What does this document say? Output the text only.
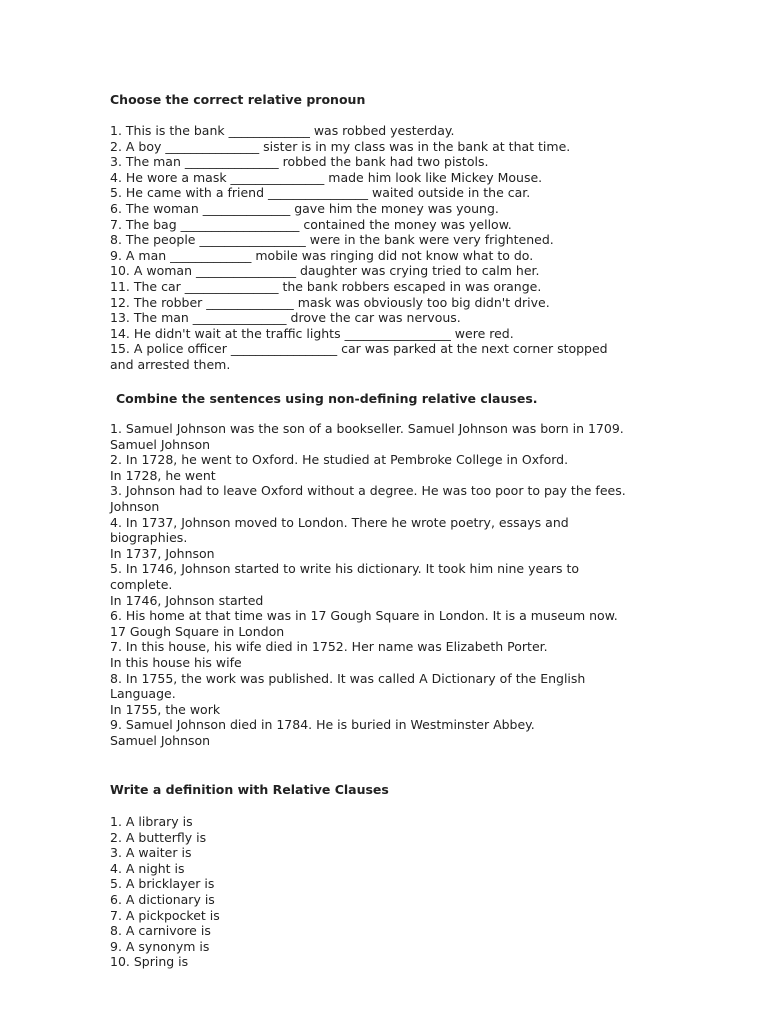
Choose the correct relative pronoun
1. This is the bank _____________ was robbed yesterday.
2. A boy _______________ sister is in my class was in the bank at that time.
3. The man _______________ robbed the bank had two pistols.
4. He wore a mask _______________ made him look like Mickey Mouse.
5. He came with a friend ________________ waited outside in the car.
6. The woman ______________ gave him the money was young.
7. The bag ___________________ contained the money was yellow.
8. The people _________________ were in the bank were very frightened.
9. A man _____________ mobile was ringing did not know what to do.
10. A woman ________________ daughter was crying tried to calm her.
11. The car _______________ the bank robbers escaped in was orange.
12. The robber ______________ mask was obviously too big didn't drive.
13. The man _______________ drove the car was nervous.
14. He didn't wait at the traffic lights _________________ were red.
15. A police officer _________________ car was parked at the next corner stopped
and arrested them.
Combine the sentences using non-defining relative clauses.
1. Samuel Johnson was the son of a bookseller. Samuel Johnson was born in 1709.
Samuel Johnson
2. In 1728, he went to Oxford. He studied at Pembroke College in Oxford.
In 1728, he went
3. Johnson had to leave Oxford without a degree. He was too poor to pay the fees.
Johnson
4. In 1737, Johnson moved to London. There he wrote poetry, essays and
biographies.
In 1737, Johnson
5. In 1746, Johnson started to write his dictionary. It took him nine years to
complete.
In 1746, Johnson started
6. His home at that time was in 17 Gough Square in London. It is a museum now.
17 Gough Square in London
7. In this house, his wife died in 1752. Her name was Elizabeth Porter.
In this house his wife
8. In 1755, the work was published. It was called A Dictionary of the English
Language.
In 1755, the work
9. Samuel Johnson died in 1784. He is buried in Westminster Abbey.
Samuel Johnson
Write a definition with Relative Clauses
1. A library is
2. A butterfly is
3. A waiter is
4. A night is
5. A bricklayer is
6. A dictionary is
7. A pickpocket is
8. A carnivore is
9. A synonym is
10. Spring is
